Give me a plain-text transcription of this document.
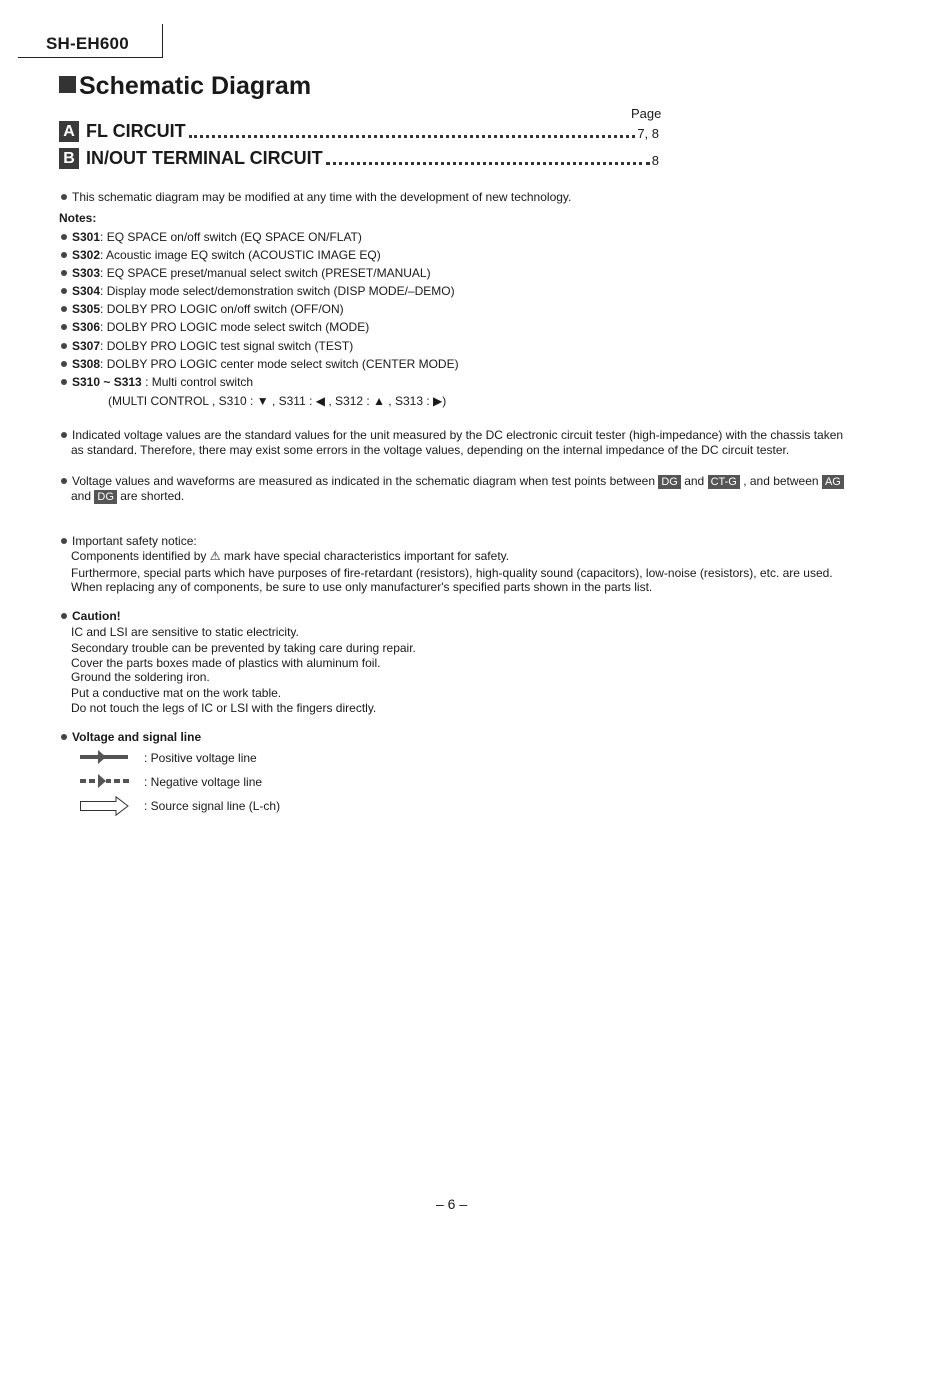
SH-EH600
Schematic Diagram
Page
A FL CIRCUIT	7, 8
B IN/OUT TERMINAL CIRCUIT	8
This schematic diagram may be modified at any time with the development of new technology.
Notes:
S301: EQ SPACE on/off switch (EQ SPACE ON/FLAT)
S302: Acoustic image EQ switch (ACOUSTIC IMAGE EQ)
S303: EQ SPACE preset/manual select switch (PRESET/MANUAL)
S304: Display mode select/demonstration switch (DISP MODE/–DEMO)
S305: DOLBY PRO LOGIC on/off switch (OFF/ON)
S306: DOLBY PRO LOGIC mode select switch (MODE)
S307: DOLBY PRO LOGIC test signal switch (TEST)
S308: DOLBY PRO LOGIC center mode select switch (CENTER MODE)
S310 ~ S313 : Multi control switch
(MULTI CONTROL , S310 : ▼ , S311 : ◀ , S312 : ▲ , S313 : ▶)
Indicated voltage values are the standard values for the unit measured by the DC electronic circuit tester (high-impedance) with the chassis taken
as standard. Therefore, there may exist some errors in the voltage values, depending on the internal impedance of the DC circuit tester.
Voltage values and waveforms are measured as indicated in the schematic diagram when test points between DG and CT-G , and between AG
and DG are shorted.
Important safety notice:
Components identified by ⚠ mark have special characteristics important for safety.
Furthermore, special parts which have purposes of fire-retardant (resistors), high-quality sound (capacitors), low-noise (resistors), etc. are used.
When replacing any of components, be sure to use only manufacturer's specified parts shown in the parts list.
Caution!
IC and LSI are sensitive to static electricity.
Secondary trouble can be prevented by taking care during repair.
Cover the parts boxes made of plastics with aluminum foil.
Ground the soldering iron.
Put a conductive mat on the work table.
Do not touch the legs of IC or LSI with the fingers directly.
Voltage and signal line
: Positive voltage line
: Negative voltage line
: Source signal line (L-ch)
– 6 –
